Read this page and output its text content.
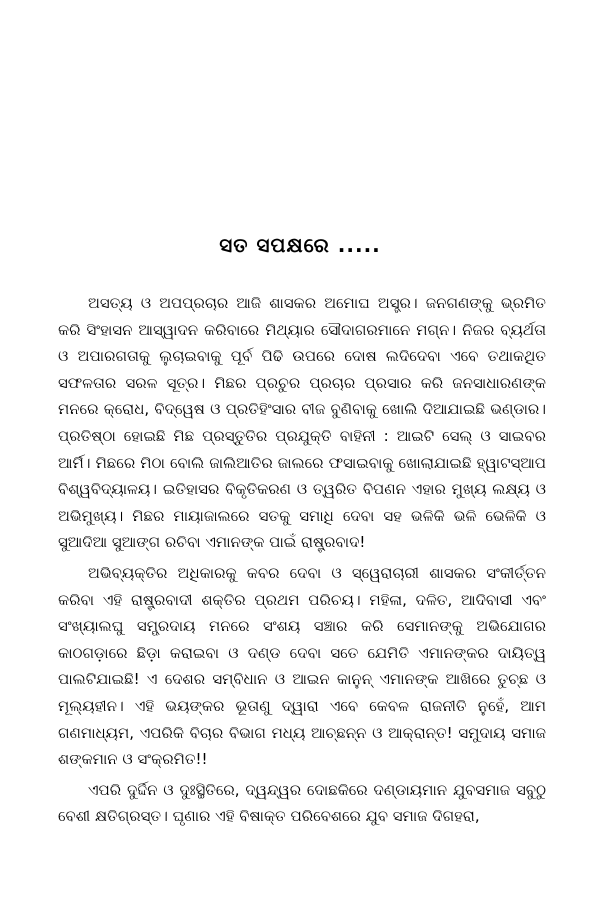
ସତ ସପକ୍ଷରେ .....

ଅସତ୍ୟ ଓ ଅପପ୍ରଚାର ଆଜି ଶାସକର ଅମୋଘ ଅସ୍ତ୍ର। ଜନଗଣଙ୍କୁ ଭ୍ରମିତ କରି ସିଂହାସନ ଆସ୍ୱାଦନ କରିବାରେ ମିଥ୍ୟାର ସୌଦାଗରମାନେ ମଗ୍ନ। ନିଜର ବ୍ୟର୍ଥତା ଓ ଅପାରଗତାକୁ ଲୁଚାଇବାକୁ ପୂର୍ବ ପିଢି ଉପରେ ଦୋଷ ଲଦିଦେବା ଏବେ ତଥାକଥିତ ସଫଳତାର ସରଳ ସୂତ୍ର। ମିଛର ପ୍ରଚୁର ପ୍ରଚାର ପ୍ରସାର କରି ଜନସାଧାରଣଙ୍କ ମନରେ କ୍ରୋଧ, ବିଦ୍ୱେଷ ଓ ପ୍ରତିହିଂସାର ବୀଜ ବୁଣିବାକୁ ଖୋଲି ଦିଆଯାଇଛି ଭଣ୍ଡାର। ପ୍ରତିଷ୍ଠା ହୋଇଛି ମିଛ ପ୍ରସ୍ତୁତିର ପ୍ରଯୁକ୍ତି ବାହିନୀ : ଆଇଟି ସେଲ୍ ଓ ସାଇବର ଆର୍ମି। ମିଛରେ ମିଠା ବୋଲି ଜାଲିଆତିର ଜାଲରେ ଫସାଇବାକୁ ଖୋଲାଯାଇଛି ହ୍ୱାଟସ୍‌ଆପ ବିଶ୍ୱବିଦ୍ୟାଳୟ। ଇତିହାସର ବିକୃତିକରଣ ଓ ତ୍ୱରିତ ବିପଣନ ଏହାର ମୁଖ୍ୟ ଲକ୍ଷ୍ୟ ଓ ଅଭିମୁଖ୍ୟ। ମିଛର ମାୟାଜାଲରେ ସତକୁ ସମାଧି ଦେବା ସହ ଭଳିକି ଭଳି ଭେଳିକି ଓ ସୁଆଦିଆ ସୁଆଙ୍ଗ ରଚିବା ଏମାନଙ୍କ ପାଇଁ ରାଷ୍ଟ୍ରବାଦ!

ଅଭିବ୍ୟକ୍ତିର ଅଧିକାରକୁ କବର ଦେବା ଓ ସ୍ୱେରାଚାରୀ ଶାସକର ସଂକୀର୍ତ୍ତନ କରିବା ଏହି ରାଷ୍ଟ୍ରବାଦୀ ଶକ୍ତିର ପ୍ରଥମ ପରିଚୟ। ମହିଳା, ଦଳିତ, ଆଦିବାସୀ ଏବଂ ସଂଖ୍ୟାଲଘୁ ସମ୍ପ୍ରଦାୟ ମନରେ ସଂଶୟ ସଞ୍ଚାର କରି ସେମାନଙ୍କୁ ଅଭିଯୋଗର କାଠଗଡ଼ାରେ ଛିଡ଼ା କରାଇବା ଓ ଦଣ୍ଡ ଦେବା ସତେ ଯେମିତି ଏମାନଙ୍କର ଦାୟିତ୍ୱ ପାଲଟିଯାଇଛି! ଏ ଦେଶର ସମ୍ବିଧାନ ଓ ଆଇନ କାନୁନ୍ ଏମାନଙ୍କ ଆଖିରେ ତୁଚ୍ଛ ଓ ମୂଲ୍ୟହୀନ। ଏହି ଭୟଙ୍କର ଭୂତାଣୁ ଦ୍ୱାରା ଏବେ କେବଳ ରାଜନୀତି ନୁହେଁ, ଆମ ଗଣମାଧ୍ୟମ, ଏପରିକି ବିଚାର ବିଭାଗ ମଧ୍ୟ ଆଚ୍ଛନ୍ନ ଓ ଆକ୍ରାନ୍ତ! ସମୁଦାୟ ସମାଜ ଶଙ୍କମାନ ଓ ସଂକ୍ରମିତ!!

ଏପରି ଦୁର୍ଦ୍ଦିନ ଓ ଦୁଃସ୍ଥିତିରେ, ଦ୍ୱନ୍ଦ୍ୱର ଦୋଛକିରେ ଦଣ୍ଡାୟମାନ ଯୁବସମାଜ ସବୁଠୁ ବେଶୀ କ୍ଷତିଗ୍ରସ୍ତ। ଘୃଣାର ଏହି ବିଷାକ୍ତ ପରିବେଶରେ ଯୁବ ସମାଜ ଦିଗହରା,
